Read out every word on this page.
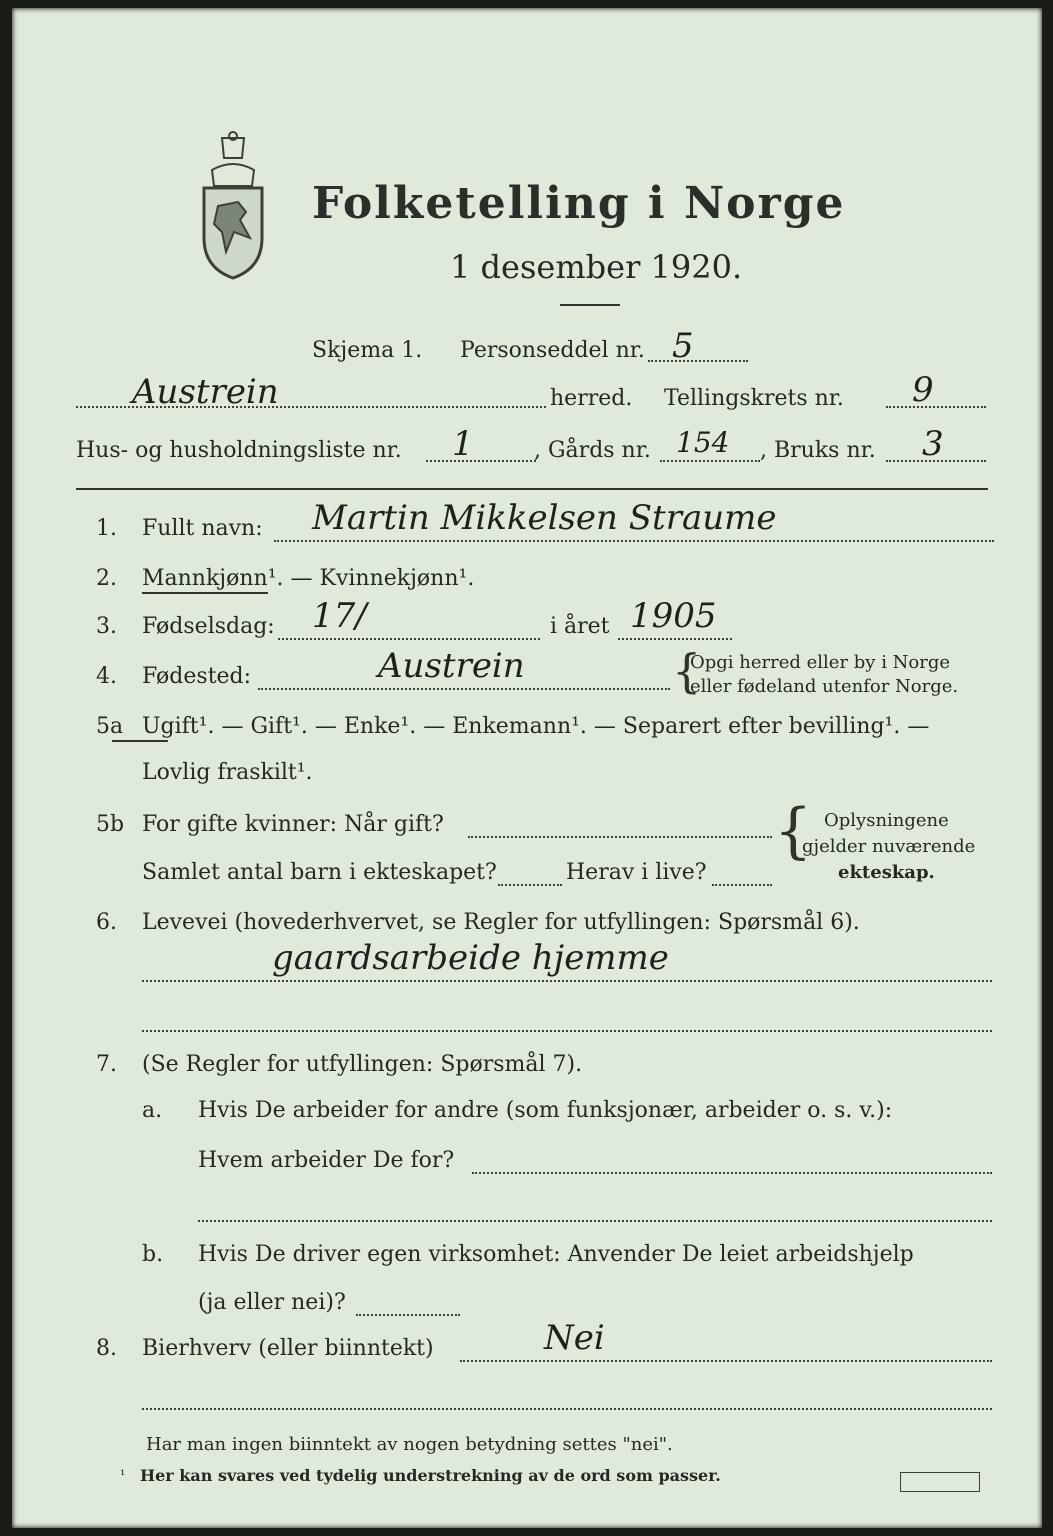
Folketelling i Norge
1 desember 1920.
Skjema 1. Personseddel nr. 5
Austrein	herred. Tellingskrets nr. 9
Hus- og husholdningsliste nr. 1	, Gårds nr. 154 , Bruks nr. 3
1. Fullt navn: Martin Mikkelsen Straume
2. Mannkjønn¹. — Kvinnekjønn¹.
3. Fødselsdag: 17/	i året 1905
4. Fødested:	Austrein	{
Opgi herred eller by i Norge
eller fødeland utenfor Norge.
5a Ugift¹. — Gift¹. — Enke¹. — Enkemann¹. — Separert efter bevilling¹. —
Lovlig fraskilt¹.
5b For gifte kvinner: Når gift?
Samlet antal barn i ekteskapet?	Herav i live?
{ Oplysningene
gjelder nuværende
ekteskap.
6. Levevei (hovederhvervet, se Regler for utfyllingen: Spørsmål 6).
gaardsarbeide hjemme
7. (Se Regler for utfyllingen: Spørsmål 7).
a. Hvis De arbeider for andre (som funksjonær, arbeider o. s. v.):
Hvem arbeider De for?
b. Hvis De driver egen virksomhet: Anvender De leiet arbeidshjelp
(ja eller nei)?
8. Bierhverv (eller biinntekt)	Nei
Har man ingen biinntekt av nogen betydning settes "nei".
¹ Her kan svares ved tydelig understrekning av de ord som passer.
